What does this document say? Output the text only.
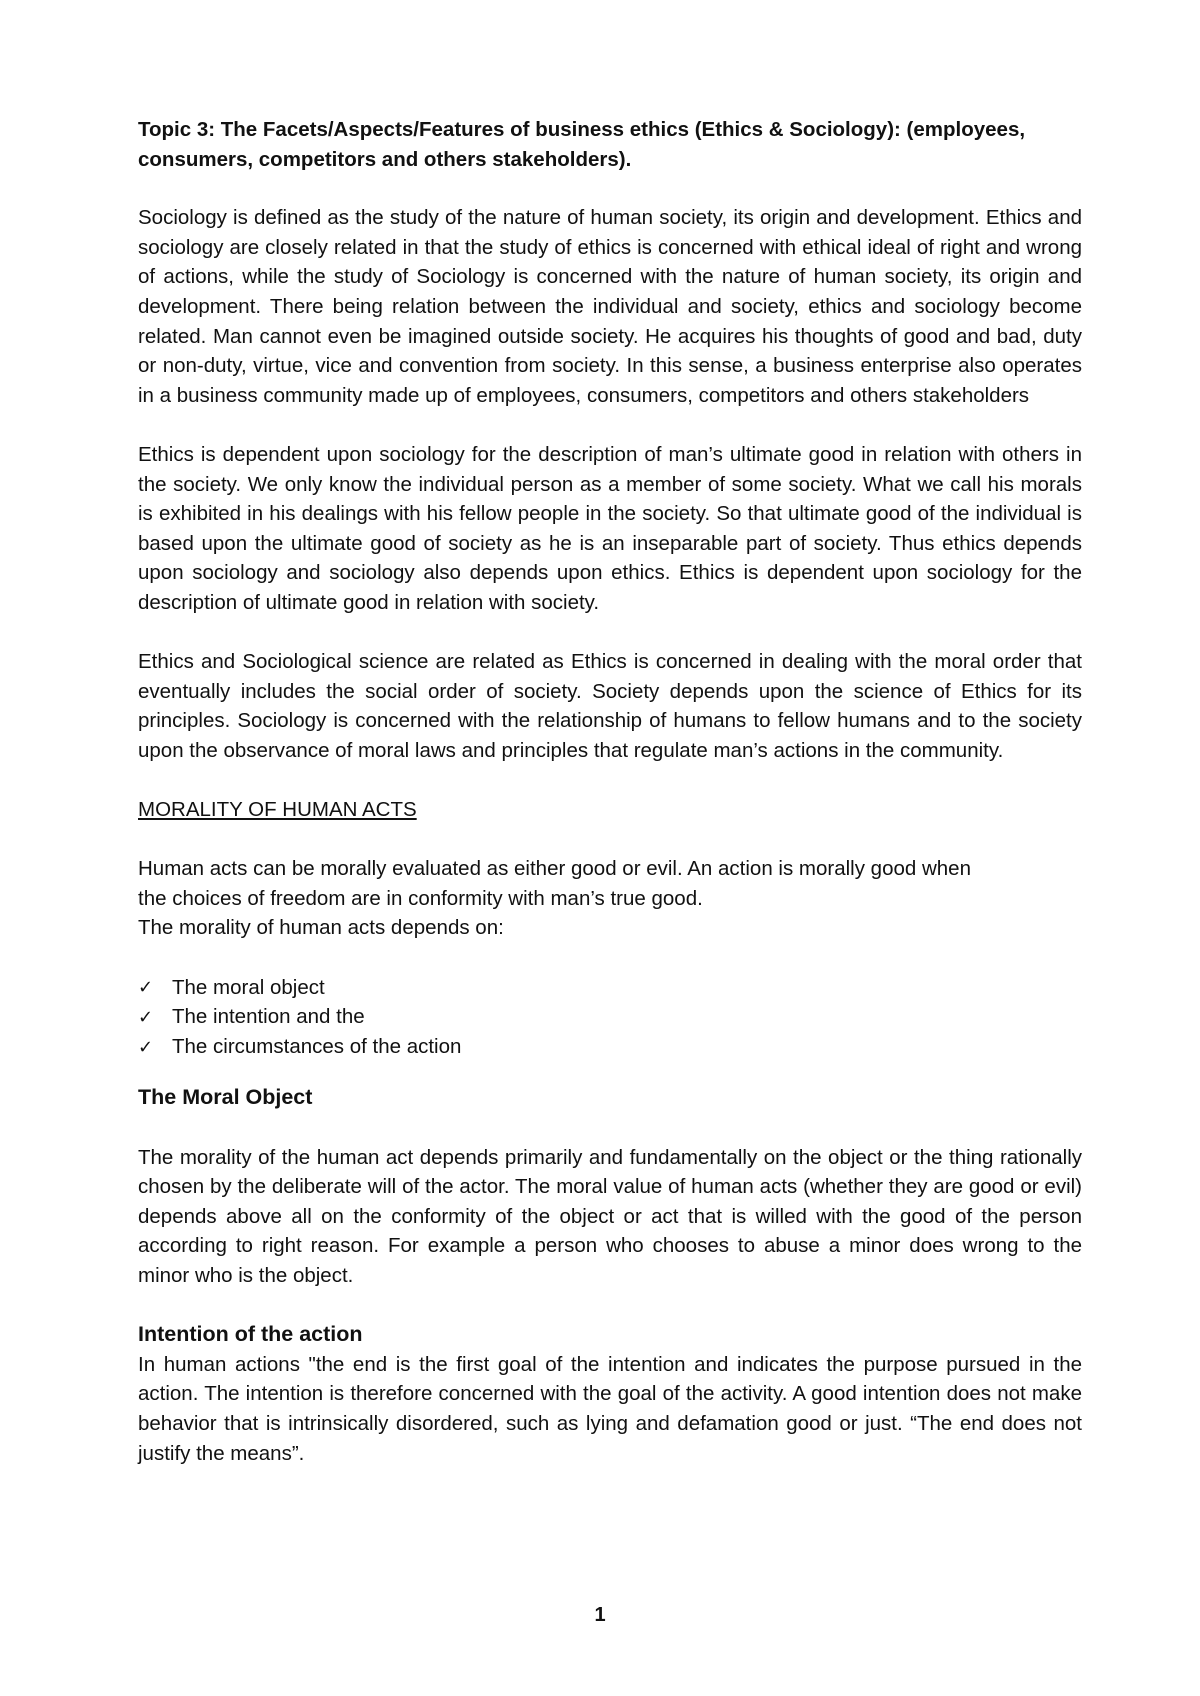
Topic 3: The Facets/Aspects/Features of business ethics (Ethics & Sociology): (employees, consumers, competitors and others stakeholders).
Sociology is defined as the study of the nature of human society, its origin and development. Ethics and sociology are closely related in that the study of ethics is concerned with ethical ideal of right and wrong of actions, while the study of Sociology is concerned with the nature of human society, its origin and development. There being relation between the individual and society, ethics and sociology become related. Man cannot even be imagined outside society. He acquires his thoughts of good and bad, duty or non-duty, virtue, vice and convention from society. In this sense, a business enterprise also operates in a business community made up of employees, consumers, competitors and others stakeholders
Ethics is dependent upon sociology for the description of man’s ultimate good in relation with others in the society. We only know the individual person as a member of some society. What we call his morals is exhibited in his dealings with his fellow people in the society. So that ultimate good of the individual is based upon the ultimate good of society as he is an inseparable part of society. Thus ethics depends upon sociology and sociology also depends upon ethics. Ethics is dependent upon sociology for the description of ultimate good in relation with society.
Ethics and Sociological science are related as Ethics is concerned in dealing with the moral order that eventually includes the social order of society. Society depends upon the science of Ethics for its principles. Sociology is concerned with the relationship of humans to fellow humans and to the society upon the observance of moral laws and principles that regulate man’s actions in the community.
MORALITY OF HUMAN ACTS
Human acts can be morally evaluated as either good or evil. An action is morally good when
the choices of freedom are in conformity with man’s true good.
The morality of human acts depends on:
✓ The moral object
✓ The intention and the
✓ The circumstances of the action
The Moral Object
The morality of the human act depends primarily and fundamentally on the object or the thing rationally chosen by the deliberate will of the actor. The moral value of human acts (whether they are good or evil) depends above all on the conformity of the object or act that is willed with the good of the person according to right reason. For example a person who chooses to abuse a minor does wrong to the minor who is the object.
Intention of the action
In human actions "the end is the first goal of the intention and indicates the purpose pursued in the action. The intention is therefore concerned with the goal of the activity. A good intention does not make behavior that is intrinsically disordered, such as lying and defamation good or just. “The end does not justify the means”.
1
